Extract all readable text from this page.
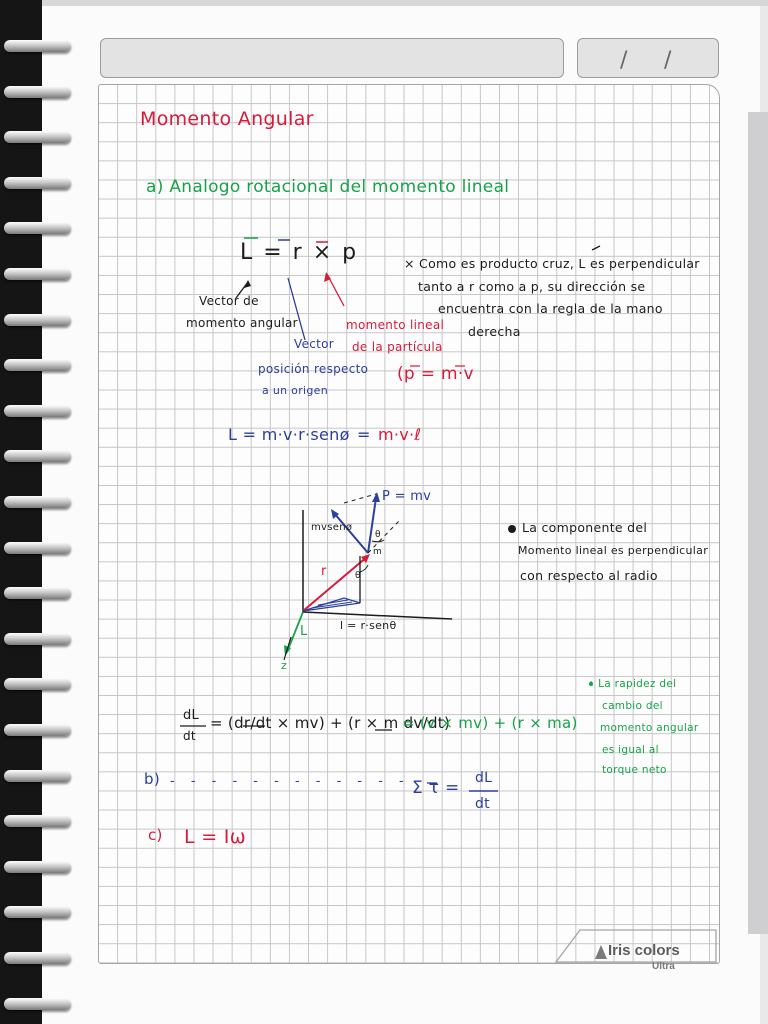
/ /
Momento Angular
a) Analogo rotacional del momento lineal
L = r × p
Vector de
momento angular
Vector
posición respecto
a un origen
momento lineal
de la partícula
(p = m·v
× Como es producto cruz, L es perpendicular
tanto a r como a p, su dirección se
encuentra con la regla de la mano
derecha
L = m·v·r·senø = m·v·ℓ
P = mv
mvsenø
m
θ
θ
r
L
z
l = r·senθ
La componente del
Momento lineal es perpendicular
con respecto al radio
dL
dt
= (dr/dt × mv) + (r × m dv/dt)
= (v × mv) + (r × ma)
• La rapidez del
cambio del
momento angular
es igual al
torque neto
b) - - - - - - - - - - - - Σ τ = dL
dt
c) L = Iω
Iris colors
Ultra
